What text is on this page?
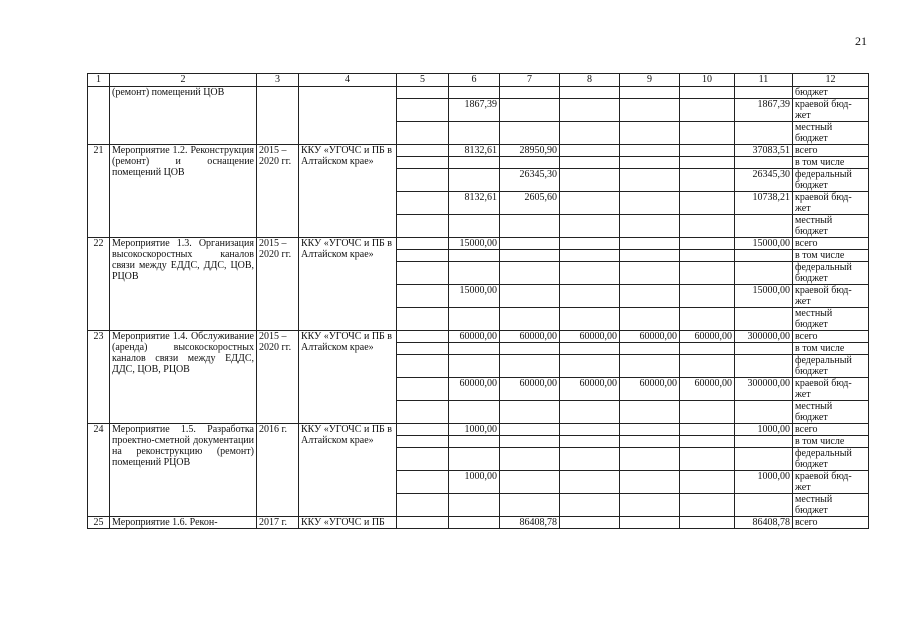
21
1	2	3	4	5	6	7	8	9	10	11	12
	(ремонт) помещений ЦОВ										бюджет
					1867,39					1867,39	краевой бюд-жет
											местный бюджет
21	Мероприятие 1.2. Реконструкция (ремонт) и оснащение помещений ЦОВ	2015 – 2020 гг.	ККУ «УГОЧС и ПБ в Алтайском крае»		8132,61	28950,90				37083,51	всего
											в том числе
						26345,30				26345,30	федеральный бюджет
					8132,61	2605,60				10738,21	краевой бюд-жет
											местный бюджет
22	Мероприятие 1.3. Организация высокоскоростных каналов связи между ЕДДС, ДДС, ЦОВ, РЦОВ	2015 – 2020 гг.	ККУ «УГОЧС и ПБ в Алтайском крае»		15000,00					15000,00	всего
											в том числе
											федеральный бюджет
					15000,00					15000,00	краевой бюд-жет
											местный бюджет
23	Мероприятие 1.4. Обслуживание (аренда) высокоскоростных каналов связи между ЕДДС, ДДС, ЦОВ, РЦОВ	2015 – 2020 гг.	ККУ «УГОЧС и ПБ в Алтайском крае»		60000,00	60000,00	60000,00	60000,00	60000,00	300000,00	всего
											в том числе
											федеральный бюджет
					60000,00	60000,00	60000,00	60000,00	60000,00	300000,00	краевой бюд-жет
											местный бюджет
24	Мероприятие 1.5. Разработка проектно-сметной документации на реконструкцию (ремонт) помещений РЦОВ	2016 г.	ККУ «УГОЧС и ПБ в Алтайском крае»		1000,00					1000,00	всего
											в том числе
											федеральный бюджет
					1000,00					1000,00	краевой бюд-жет
											местный бюджет
25	Мероприятие 1.6. Рекон-	2017 г.	ККУ «УГОЧС и ПБ			86408,78				86408,78	всего
